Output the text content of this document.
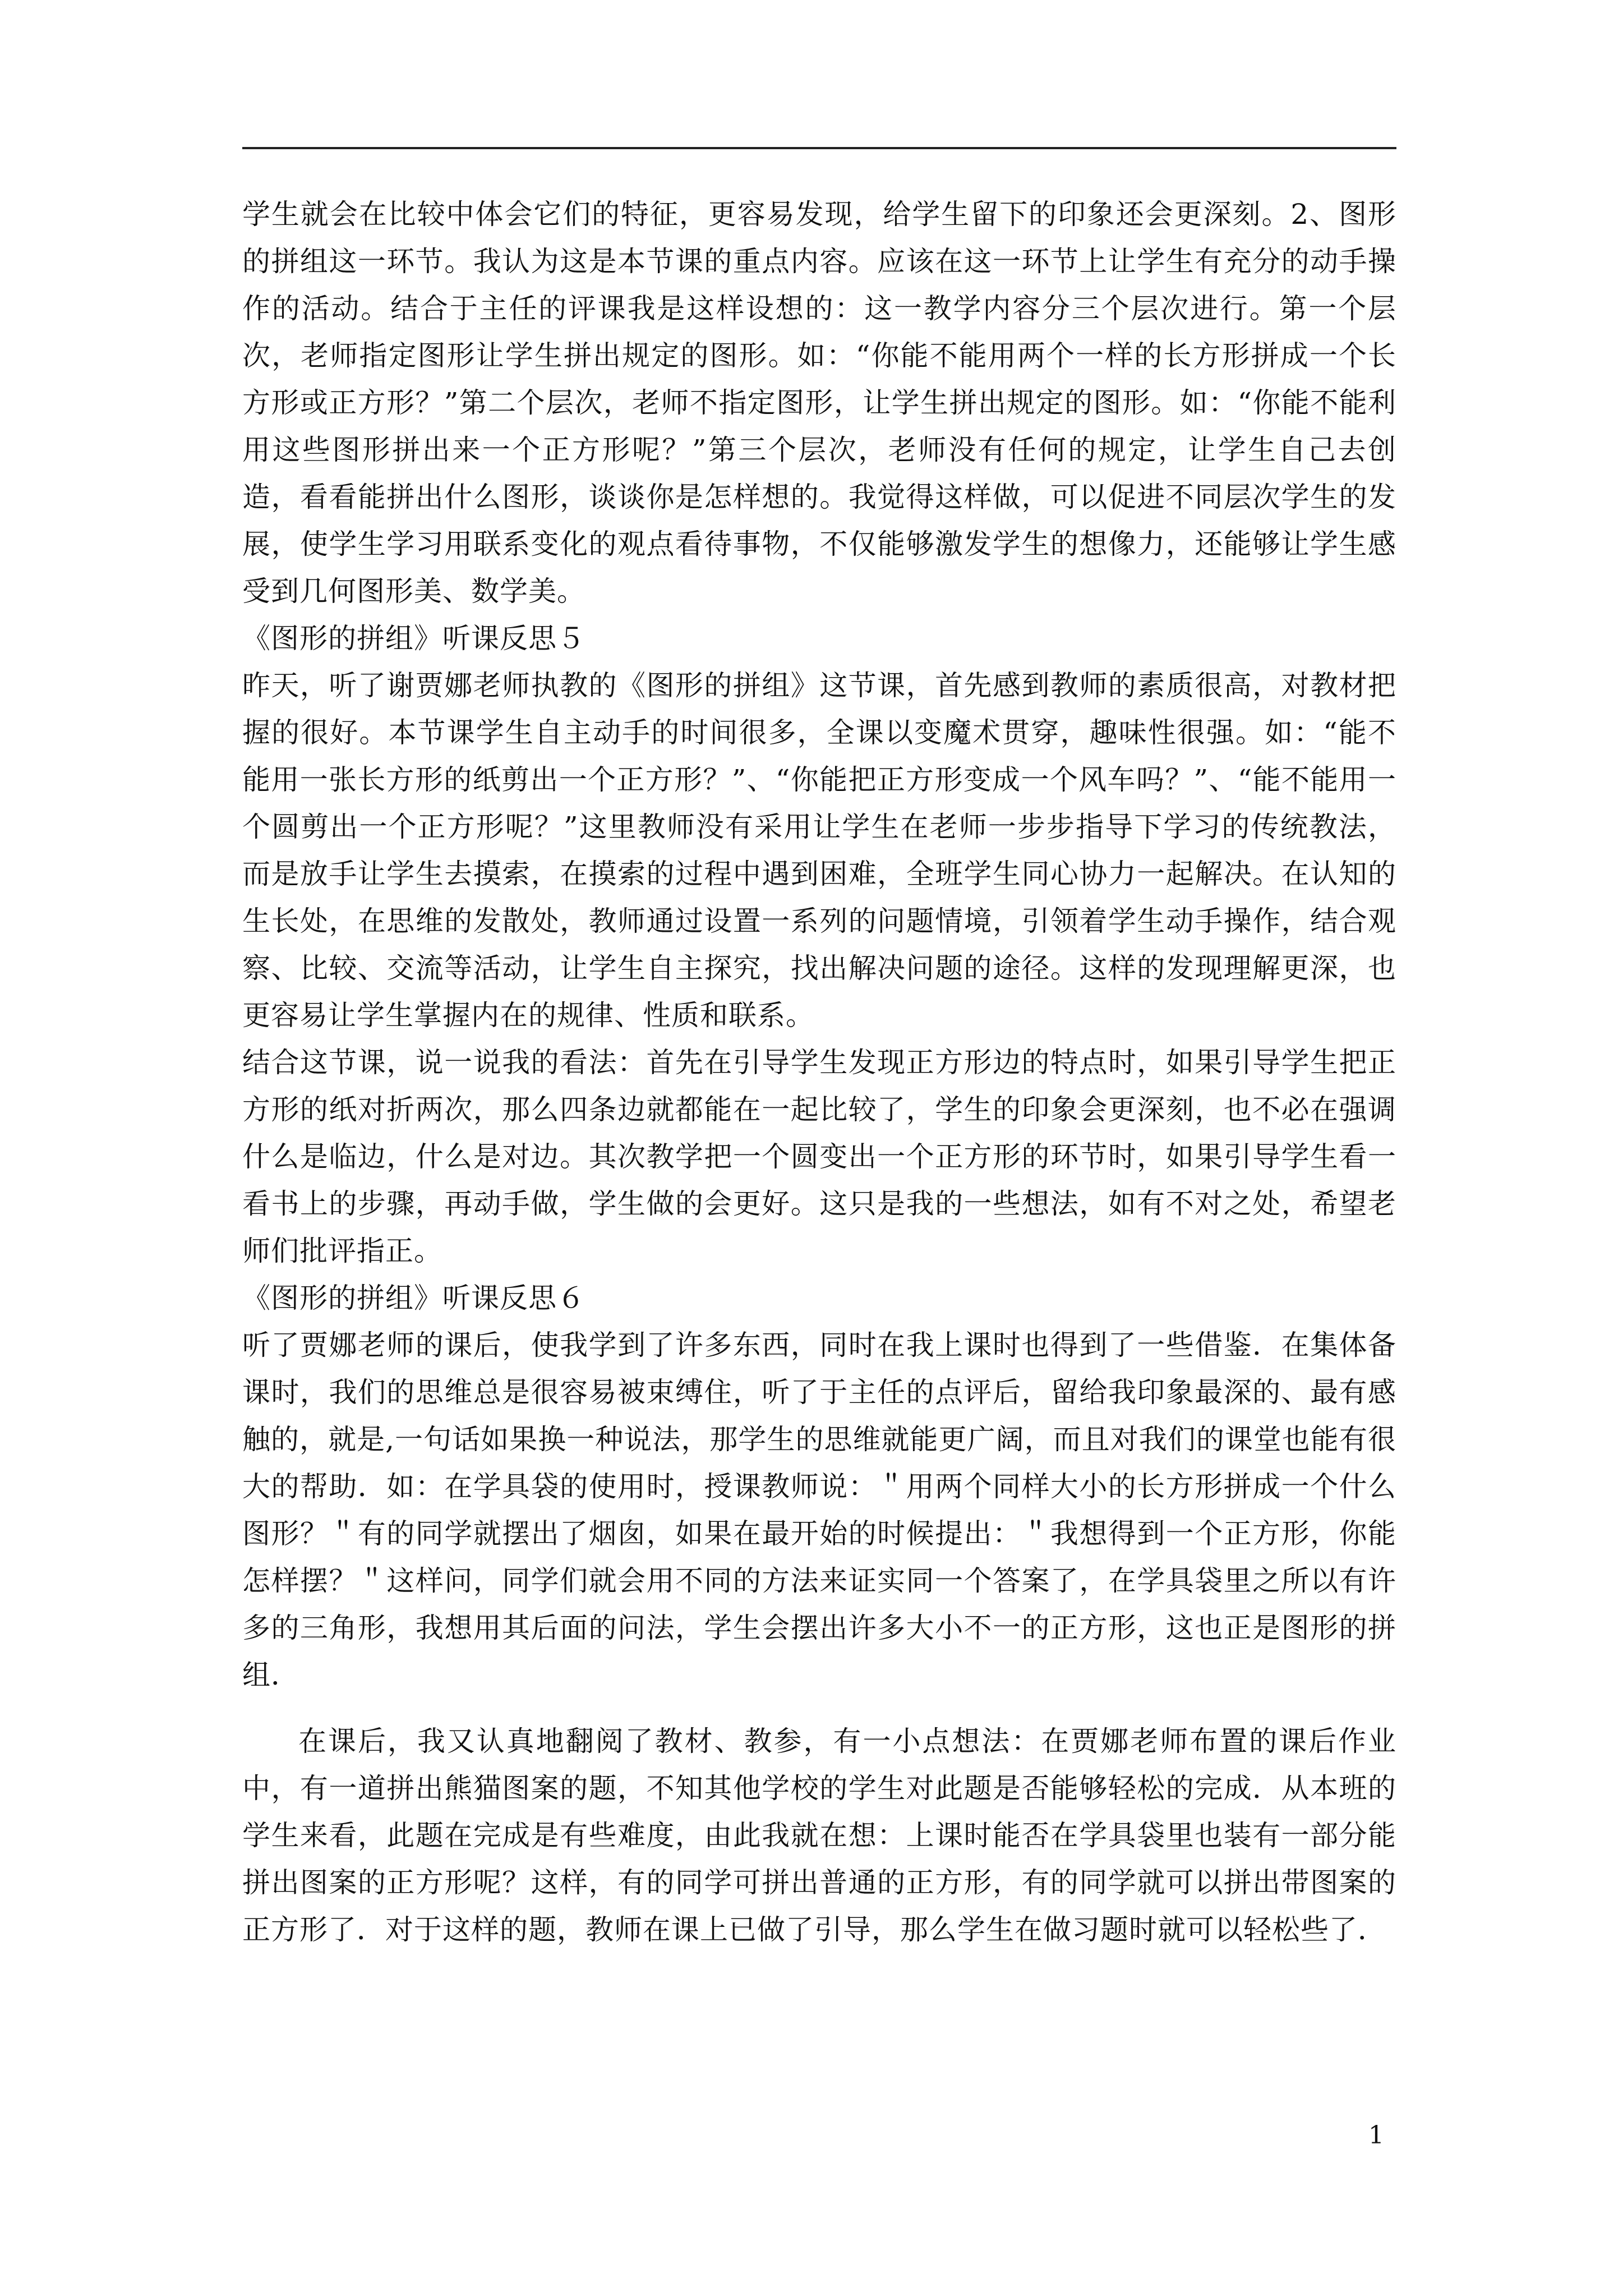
学生就会在比较中体会它们的特征，更容易发现，给学生留下的印象还会更深刻。2、图形的拼组这一环节。我认为这是本节课的重点内容。应该在这一环节上让学生有充分的动手操作的活动。结合于主任的评课我是这样设想的：这一教学内容分三个层次进行。第一个层次，老师指定图形让学生拼出规定的图形。如：“你能不能用两个一样的长方形拼成一个长方形或正方形？”第二个层次，老师不指定图形，让学生拼出规定的图形。如：“你能不能利用这些图形拼出来一个正方形呢？”第三个层次，老师没有任何的规定，让学生自己去创造，看看能拼出什么图形，谈谈你是怎样想的。我觉得这样做，可以促进不同层次学生的发展，使学生学习用联系变化的观点看待事物，不仅能够激发学生的想像力，还能够让学生感受到几何图形美、数学美。

《图形的拼组》听课反思５

昨天，听了谢贾娜老师执教的《图形的拼组》这节课，首先感到教师的素质很高，对教材把握的很好。本节课学生自主动手的时间很多，全课以变魔术贯穿，趣味性很强。如：“能不能用一张长方形的纸剪出一个正方形？”、“你能把正方形变成一个风车吗？”、“能不能用一个圆剪出一个正方形呢？”这里教师没有采用让学生在老师一步步指导下学习的传统教法，而是放手让学生去摸索，在摸索的过程中遇到困难，全班学生同心协力一起解决。在认知的生长处，在思维的发散处，教师通过设置一系列的问题情境，引领着学生动手操作，结合观察、比较、交流等活动，让学生自主探究，找出解决问题的途径。这样的发现理解更深，也更容易让学生掌握内在的规律、性质和联系。

结合这节课，说一说我的看法：首先在引导学生发现正方形边的特点时，如果引导学生把正方形的纸对折两次，那么四条边就都能在一起比较了，学生的印象会更深刻，也不必在强调什么是临边，什么是对边。其次教学把一个圆变出一个正方形的环节时，如果引导学生看一看书上的步骤，再动手做，学生做的会更好。这只是我的一些想法，如有不对之处，希望老师们批评指正。

《图形的拼组》听课反思６

听了贾娜老师的课后，使我学到了许多东西，同时在我上课时也得到了一些借鉴．在集体备课时，我们的思维总是很容易被束缚住，听了于主任的点评后，留给我印象最深的、最有感触的，就是,一句话如果换一种说法，那学生的思维就能更广阔，而且对我们的课堂也能有很大的帮助．如：在学具袋的使用时，授课教师说：＂用两个同样大小的长方形拼成一个什么图形？＂有的同学就摆出了烟囱，如果在最开始的时候提出：＂我想得到一个正方形，你能怎样摆？＂这样问，同学们就会用不同的方法来证实同一个答案了，在学具袋里之所以有许多的三角形，我想用其后面的问法，学生会摆出许多大小不一的正方形，这也正是图形的拼组．

在课后，我又认真地翻阅了教材、教参，有一小点想法：在贾娜老师布置的课后作业中，有一道拼出熊猫图案的题，不知其他学校的学生对此题是否能够轻松的完成．从本班的学生来看，此题在完成是有些难度，由此我就在想：上课时能否在学具袋里也装有一部分能拼出图案的正方形呢？这样，有的同学可拼出普通的正方形，有的同学就可以拼出带图案的正方形了．对于这样的题，教师在课上已做了引导，那么学生在做习题时就可以轻松些了．

1
